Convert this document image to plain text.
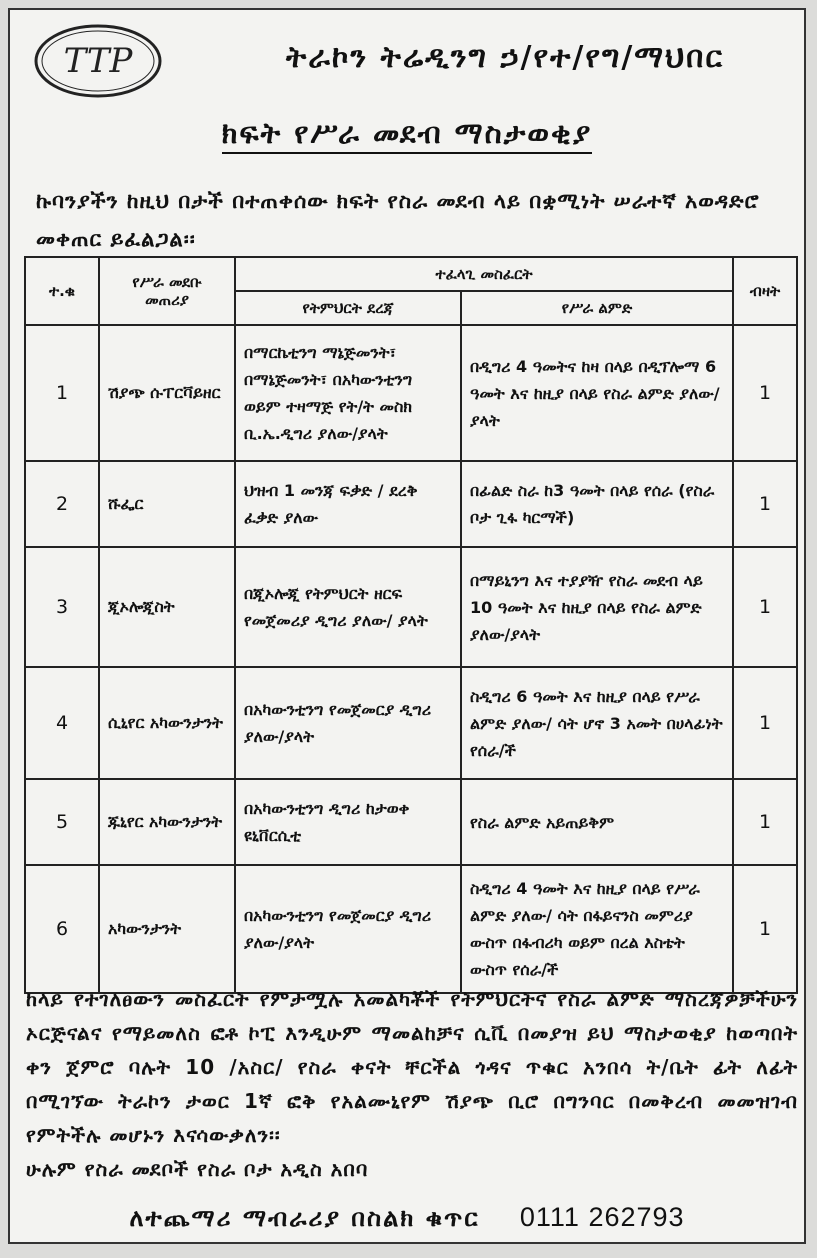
TTP	ትራኮን ትሬዲንግ ኃ/የተ/የግ/ማህበር
ክፍት የሥራ መደብ ማስታወቂያ
ኩባንያችን ከዚህ በታች በተጠቀሰው ክፍት የስራ መደብ ላይ በቋሚነት ሠራተኛ አወዳድሮ መቀጠር ይፈልጋል፡፡
ተ.ቁ	የሥራ መደቡ መጠሪያ	ተፈላጊ መስፈርት		ብዛት
		የትምህርት ደረጃ	የሥራ ልምድ	
1	ሽያጭ ሱፐርቫይዘር	በማርኬቲንግ ማኔጅመንት፣ በማኔጅመንት፣ በአካውንቲንግ ወይም ተዛማጅ የት/ት መስክ ቢ.ኤ.ዲግሪ ያለው/ያላት	በዲግሪ 4 ዓመትና ከዛ በላይ በዲፕሎማ 6 ዓመት እና ከዚያ በላይ የስራ ልምድ ያለው/ያላት	1
2	ሹፌር	ህዝብ 1 መንጃ ፍቃድ / ደረቅ ፈቃድ ያለው	በፊልድ ስራ ከ3 ዓመት በላይ የሰራ (የስራ ቦታ ጊፋ ካርማች)	1
3	ጂኦሎጂስት	በጂኦሎጂ የትምህርት ዘርፍ የመጀመሪያ ዲግሪ ያለው/ ያላት	በማይኒንግ እና ተያያዥ የስራ መደብ ላይ 10 ዓመት እና ከዚያ በላይ የስራ ልምድ ያለው/ያላት	1
4	ሲኒየር አካውንታንት	በአካውንቲንግ የመጀመርያ ዲግሪ ያለው/ያላት	ስዲግሪ 6 ዓመት እና ከዚያ በላይ የሥራ ልምድ ያለው/ ሳት ሆኖ 3 አመት በሀላፊነት የሰራ/ች	1
5	ጁኒየር አካውንታንት	በአካውንቲንግ ዲግሪ ከታወቀ ዩኒቨርሲቲ	የስራ ልምድ አይጠይቅም	1
6	አካውንታንት	በአካውንቲንግ የመጀመርያ ዲግሪ ያለው/ያላት	ስዲግሪ 4 ዓመት እና ከዚያ በላይ የሥራ ልምድ ያለው/ ሳት በፋይናንስ መምሪያ ውስጥ በፋብሪካ ወይም በረል እስቴት ውስጥ የሰራ/ች	1
ከላይ የተገለፀውን መስፈርት የምታሟሉ አመልካቾች የትምህርትና የስራ ልምድ ማስረጃዎቻችሁን ኦርጅናልና የማይመለስ ፎቶ ኮፒ እንዲሁም ማመልከቻና ሲቪ በመያዝ ይህ ማስታወቂያ ከወጣበት ቀን ጀምሮ ባሉት 10 /አስር/ የስራ ቀናት ቸርችል ጎዳና ጥቁር አንበሳ ት/ቤት ፊት ለፊት በሚገኘው ትራኮን ታወር 1ኛ ፎቅ የአልሙኒየም ሽያጭ ቢሮ በግንባር በመቅረብ መመዝገብ የምትችሉ መሆኑን እናሳውቃለን፡፡
ሁሉም የስራ መደቦች የስራ ቦታ አዲስ አበባ
ለተጨማሪ ማብራሪያ በስልክ ቁጥር 0111 262793
